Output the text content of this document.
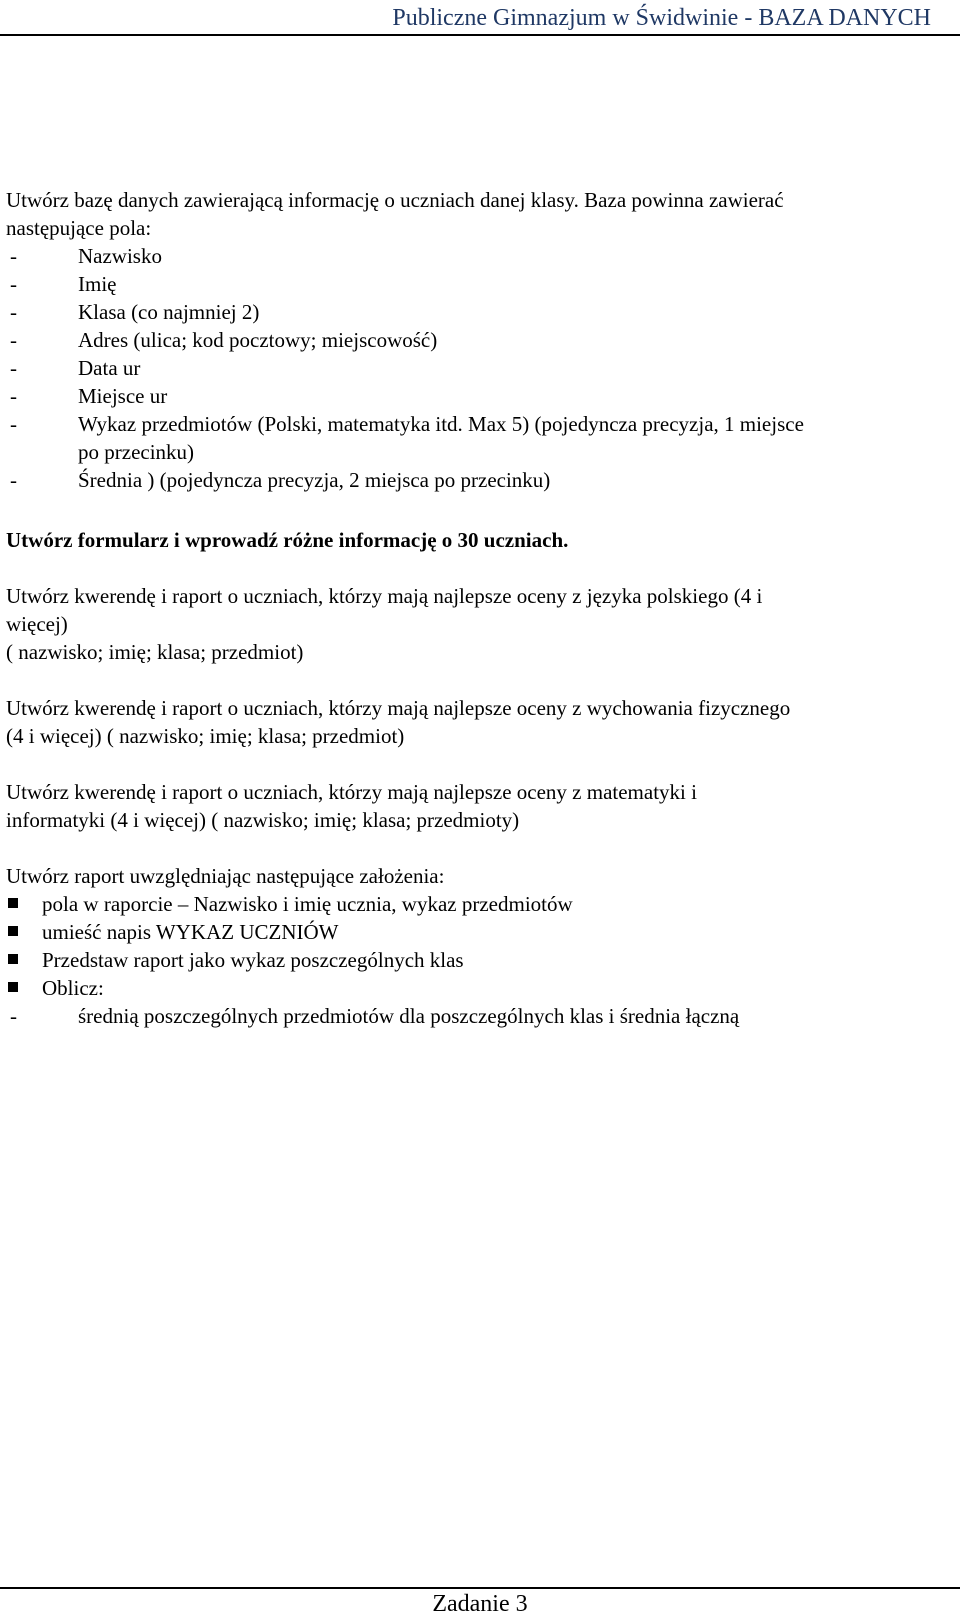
Publiczne Gimnazjum w Świdwinie - BAZA DANYCH
Utwórz bazę danych zawierającą informację o uczniach danej klasy. Baza powinna zawierać
następujące pola:
-	Nazwisko
-	Imię
-	Klasa (co najmniej 2)
-	Adres (ulica; kod pocztowy; miejscowość)
-	Data ur
-	Miejsce ur
-	Wykaz przedmiotów (Polski, matematyka itd. Max 5) (pojedyncza precyzja, 1 miejsce
po przecinku)
-	Średnia ) (pojedyncza precyzja, 2 miejsca po przecinku)
Utwórz formularz i wprowadź różne informację o 30 uczniach.
Utwórz kwerendę i raport o uczniach, którzy mają najlepsze oceny z języka polskiego (4 i
więcej)
( nazwisko; imię; klasa; przedmiot)
Utwórz kwerendę i raport o uczniach, którzy mają najlepsze oceny z wychowania fizycznego
(4 i więcej) ( nazwisko; imię; klasa; przedmiot)
Utwórz kwerendę i raport o uczniach, którzy mają najlepsze oceny z matematyki i
informatyki (4 i więcej) ( nazwisko; imię; klasa; przedmioty)
Utwórz raport uwzględniając następujące założenia:
pola w raporcie – Nazwisko i imię ucznia, wykaz przedmiotów
umieść napis WYKAZ UCZNIÓW
Przedstaw raport jako wykaz poszczególnych klas
Oblicz:
-	średnią poszczególnych przedmiotów dla poszczególnych klas i średnia łączną
Zadanie 3
